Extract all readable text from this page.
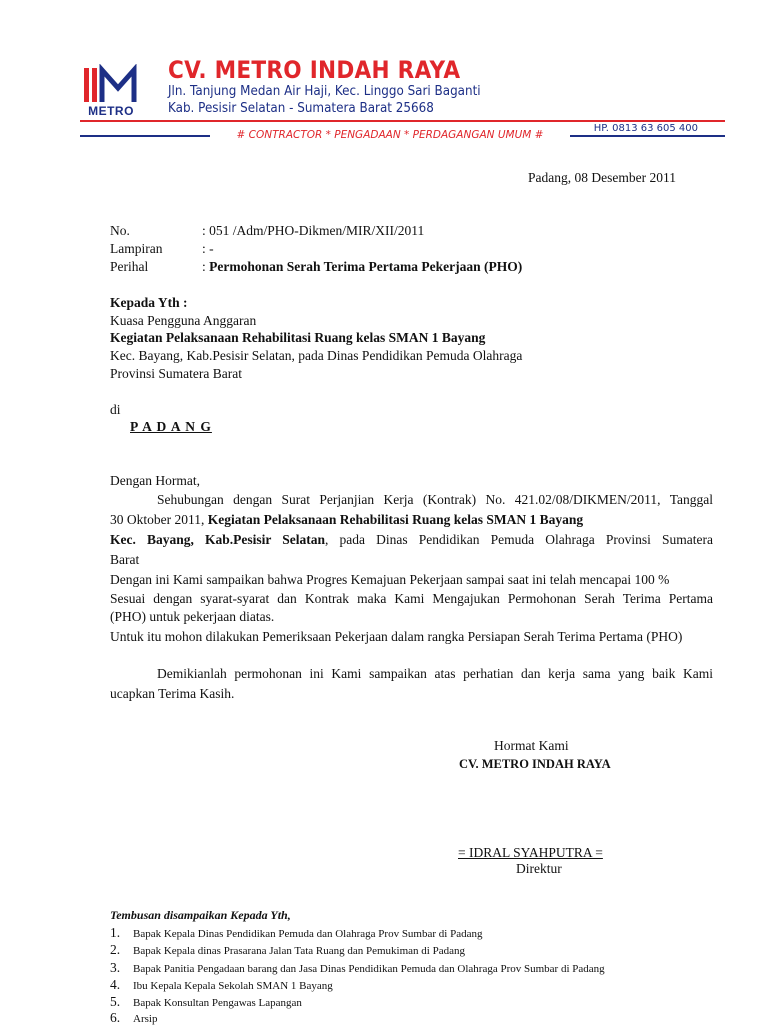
METRO
CV. METRO INDAH RAYA
Jln. Tanjung Medan Air Haji, Kec. Linggo Sari Baganti
Kab. Pesisir Selatan - Sumatera Barat 25668
HP. 0813 63 605 400
# CONTRACTOR * PENGADAAN * PERDAGANGAN UMUM #
Padang, 08 Desember 2011
No.	: 051 /Adm/PHO-Dikmen/MIR/XII/2011
Lampiran	: -
Perihal	: Permohonan Serah Terima Pertama Pekerjaan (PHO)
Kepada Yth :
Kuasa Pengguna Anggaran
Kegiatan Pelaksanaan Rehabilitasi Ruang kelas SMAN 1 Bayang
Kec. Bayang, Kab.Pesisir Selatan, pada Dinas Pendidikan Pemuda Olahraga
Provinsi Sumatera Barat
di
P A D A N G
Dengan Hormat,
Sehubungan dengan Surat Perjanjian Kerja (Kontrak) No. 421.02/08/DIKMEN/2011, Tanggal
30 Oktober 2011, Kegiatan Pelaksanaan Rehabilitasi Ruang kelas SMAN 1 Bayang
Kec. Bayang, Kab.Pesisir Selatan, pada Dinas Pendidikan Pemuda Olahraga Provinsi Sumatera
Barat
Dengan ini Kami sampaikan bahwa Progres Kemajuan Pekerjaan sampai saat ini telah mencapai 100 %
Sesuai dengan syarat-syarat dan Kontrak maka Kami Mengajukan Permohonan Serah Terima Pertama
(PHO) untuk pekerjaan diatas.
Untuk itu mohon dilakukan Pemeriksaan Pekerjaan dalam rangka Persiapan Serah Terima Pertama (PHO)
Demikianlah permohonan ini Kami sampaikan atas perhatian dan kerja sama yang baik Kami
ucapkan Terima Kasih.
Hormat Kami
CV. METRO INDAH RAYA
= IDRAL SYAHPUTRA =
Direktur
Tembusan disampaikan Kepada Yth,
1. Bapak Kepala Dinas Pendidikan Pemuda dan Olahraga Prov Sumbar di Padang
2. Bapak Kepala dinas Prasarana Jalan Tata Ruang dan Pemukiman di Padang
3. Bapak Panitia Pengadaan barang dan Jasa Dinas Pendidikan Pemuda dan Olahraga Prov Sumbar di Padang
4. Ibu Kepala Kepala Sekolah SMAN 1 Bayang
5. Bapak Konsultan Pengawas Lapangan
6. Arsip
